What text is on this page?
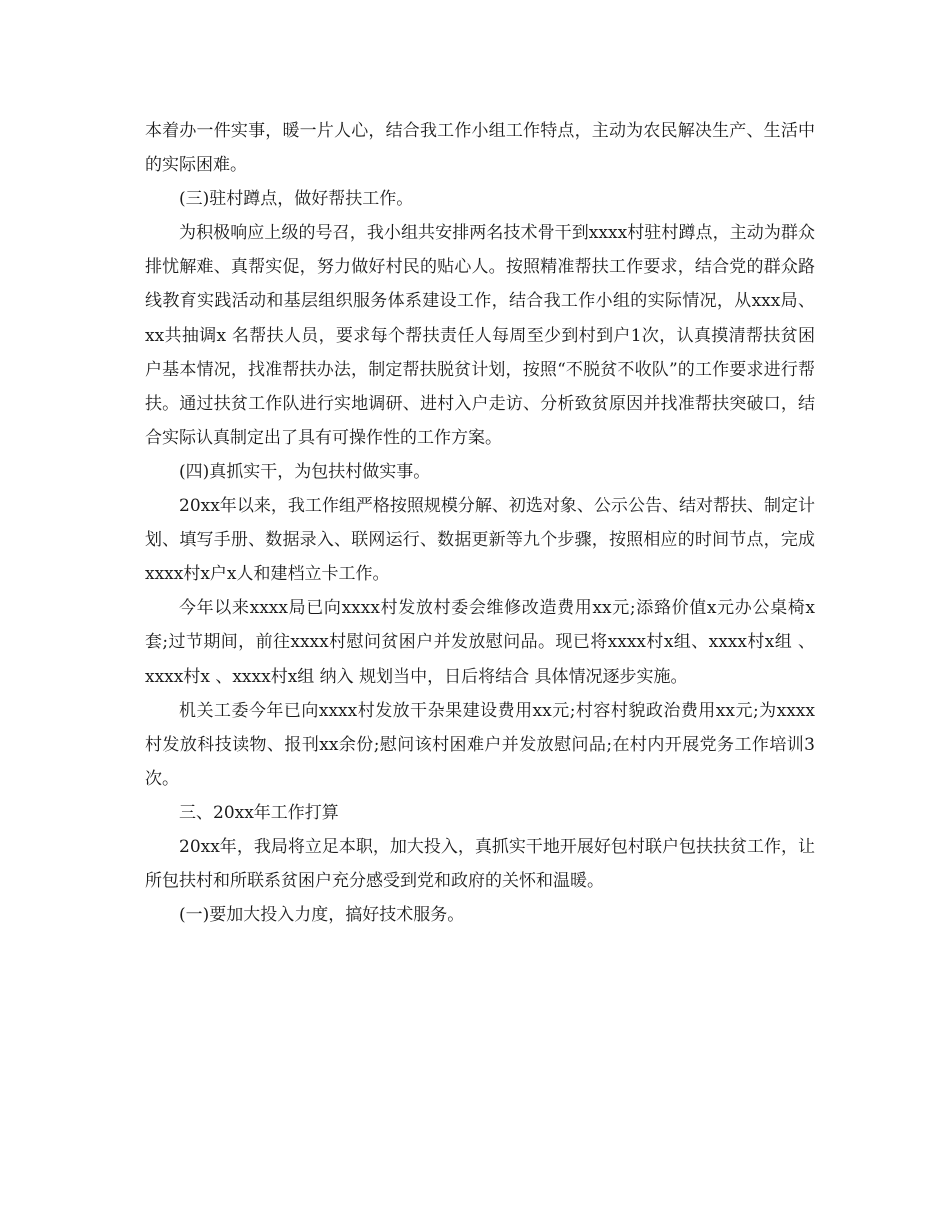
本着办一件实事，暖一片人心，结合我工作小组工作特点，主动为农民解决生产、生活中的实际困难。

(三)驻村蹲点，做好帮扶工作。

为积极响应上级的号召，我小组共安排两名技术骨干到xxxx村驻村蹲点，主动为群众排忧解难、真帮实促，努力做好村民的贴心人。按照精准帮扶工作要求，结合党的群众路线教育实践活动和基层组织服务体系建设工作，结合我工作小组的实际情况，从xxx局、xx共抽调x 名帮扶人员，要求每个帮扶责任人每周至少到村到户1次，认真摸清帮扶贫困户基本情况，找准帮扶办法，制定帮扶脱贫计划，按照“不脱贫不收队”的工作要求进行帮扶。通过扶贫工作队进行实地调研、进村入户走访、分析致贫原因并找准帮扶突破口，结合实际认真制定出了具有可操作性的工作方案。

(四)真抓实干，为包扶村做实事。

20xx年以来，我工作组严格按照规模分解、初选对象、公示公告、结对帮扶、制定计划、填写手册、数据录入、联网运行、数据更新等九个步骤，按照相应的时间节点，完成xxxx村x户x人和建档立卡工作。

今年以来xxxx局已向xxxx村发放村委会维修改造费用xx元;添臵价值x元办公桌椅x套;过节期间，前往xxxx村慰问贫困户并发放慰问品。现已将xxxx村x组、xxxx村x组 、xxxx村x 、xxxx村x组 纳入 规划当中，日后将结合 具体情况逐步实施。

机关工委今年已向xxxx村发放干杂果建设费用xx元;村容村貌政治费用xx元;为xxxx村发放科技读物、报刊xx余份;慰问该村困难户并发放慰问品;在村内开展党务工作培训3次。

三、20xx年工作打算

20xx年，我局将立足本职，加大投入，真抓实干地开展好包村联户包扶扶贫工作，让所包扶村和所联系贫困户充分感受到党和政府的关怀和温暖。

(一)要加大投入力度，搞好技术服务。
